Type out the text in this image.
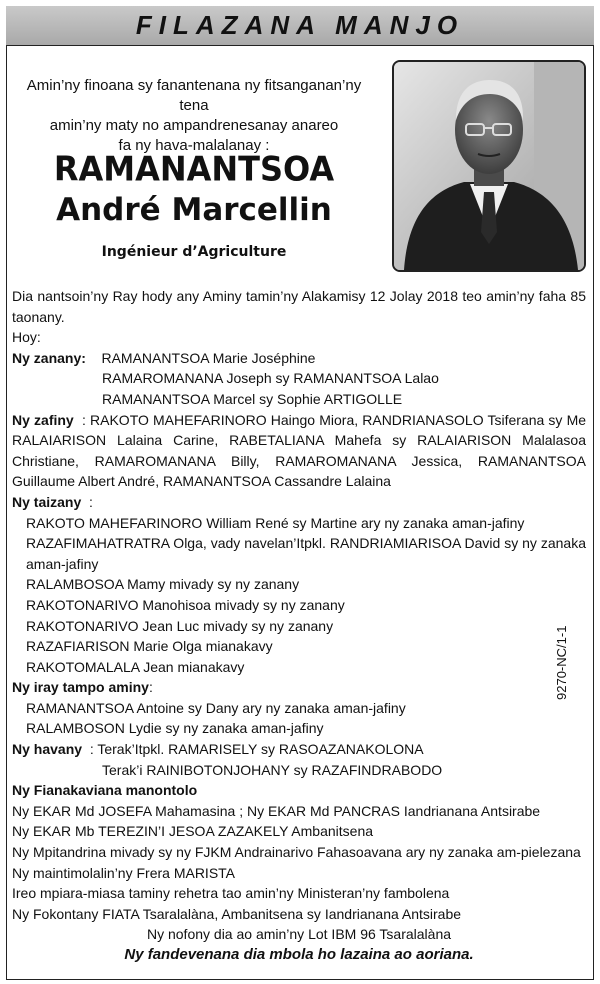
FILAZANA MANJO
Amin’ny finoana sy fanantenana ny fitsanganan’ny tena
amin’ny maty no ampandrenesanay anareo
fa ny hava-malalanay :
RAMANANTSOA
André Marcellin
Ingénieur d’Agriculture

Dia nantsoin’ny Ray hody any Aminy tamin’ny Alakamisy 12 Jolay 2018 teo amin’ny faha 85 taonany.

Hoy:

Ny zanany: RAMANANTSOA Marie Joséphine

RAMAROMANANA Joseph sy RAMANANTSOA Lalao

RAMANANTSOA Marcel sy Sophie ARTIGOLLE

Ny zafiny : RAKOTO MAHEFARINORO Haingo Miora, RANDRIANASOLO Tsiferana sy Me RALAIARISON Lalaina Carine, RABETALIANA Mahefa sy RALAIARISON Malalasoa Christiane, RAMAROMANANA Billy, RAMAROMANANA Jessica, RAMANANTSOA Guillaume Albert André, RAMANANTSOA Cassandre Lalaina

Ny taizany :

RAKOTO MAHEFARINORO William René sy Martine ary ny zanaka aman-jafiny

RAZAFIMAHATRATRA Olga, vady navelan’Itpkl. RANDRIAMIARISOA David sy ny zanaka aman-jafiny

RALAMBOSOA Mamy mivady sy ny zanany

RAKOTONARIVO Manohisoa mivady sy ny zanany

RAKOTONARIVO Jean Luc mivady sy ny zanany

RAZAFIARISON Marie Olga mianakavy

RAKOTOMALALA Jean mianakavy

Ny iray tampo aminy:

RAMANANTSOA Antoine sy Dany ary ny zanaka aman-jafiny

RALAMBOSON Lydie sy ny zanaka aman-jafiny

Ny havany : Terak’Itpkl. RAMARISELY sy RASOAZANAKOLONA

Terak’i RAINIBOTONJOHANY sy RAZAFINDRABODO

Ny Fianakaviana manontolo

Ny EKAR Md JOSEFA Mahamasina ; Ny EKAR Md PANCRAS Iandrianana Antsirabe

Ny EKAR Mb TEREZIN’I JESOA ZAZAKELY Ambanitsena

Ny Mpitandrina mivady sy ny FJKM Andrainarivo Fahasoavana ary ny zanaka am-pielezana

Ny maintimolalin’ny Frera MARISTA

Ireo mpiara-miasa taminy rehetra tao amin’ny Ministeran’ny fambolena

Ny Fokontany FIATA Tsaralalàna, Ambanitsena sy Iandrianana Antsirabe

Ny nofony dia ao amin’ny Lot IBM 96 Tsaralalàna

Ny fandevenana dia mbola ho lazaina ao aoriana.

9270-NC/1-1
